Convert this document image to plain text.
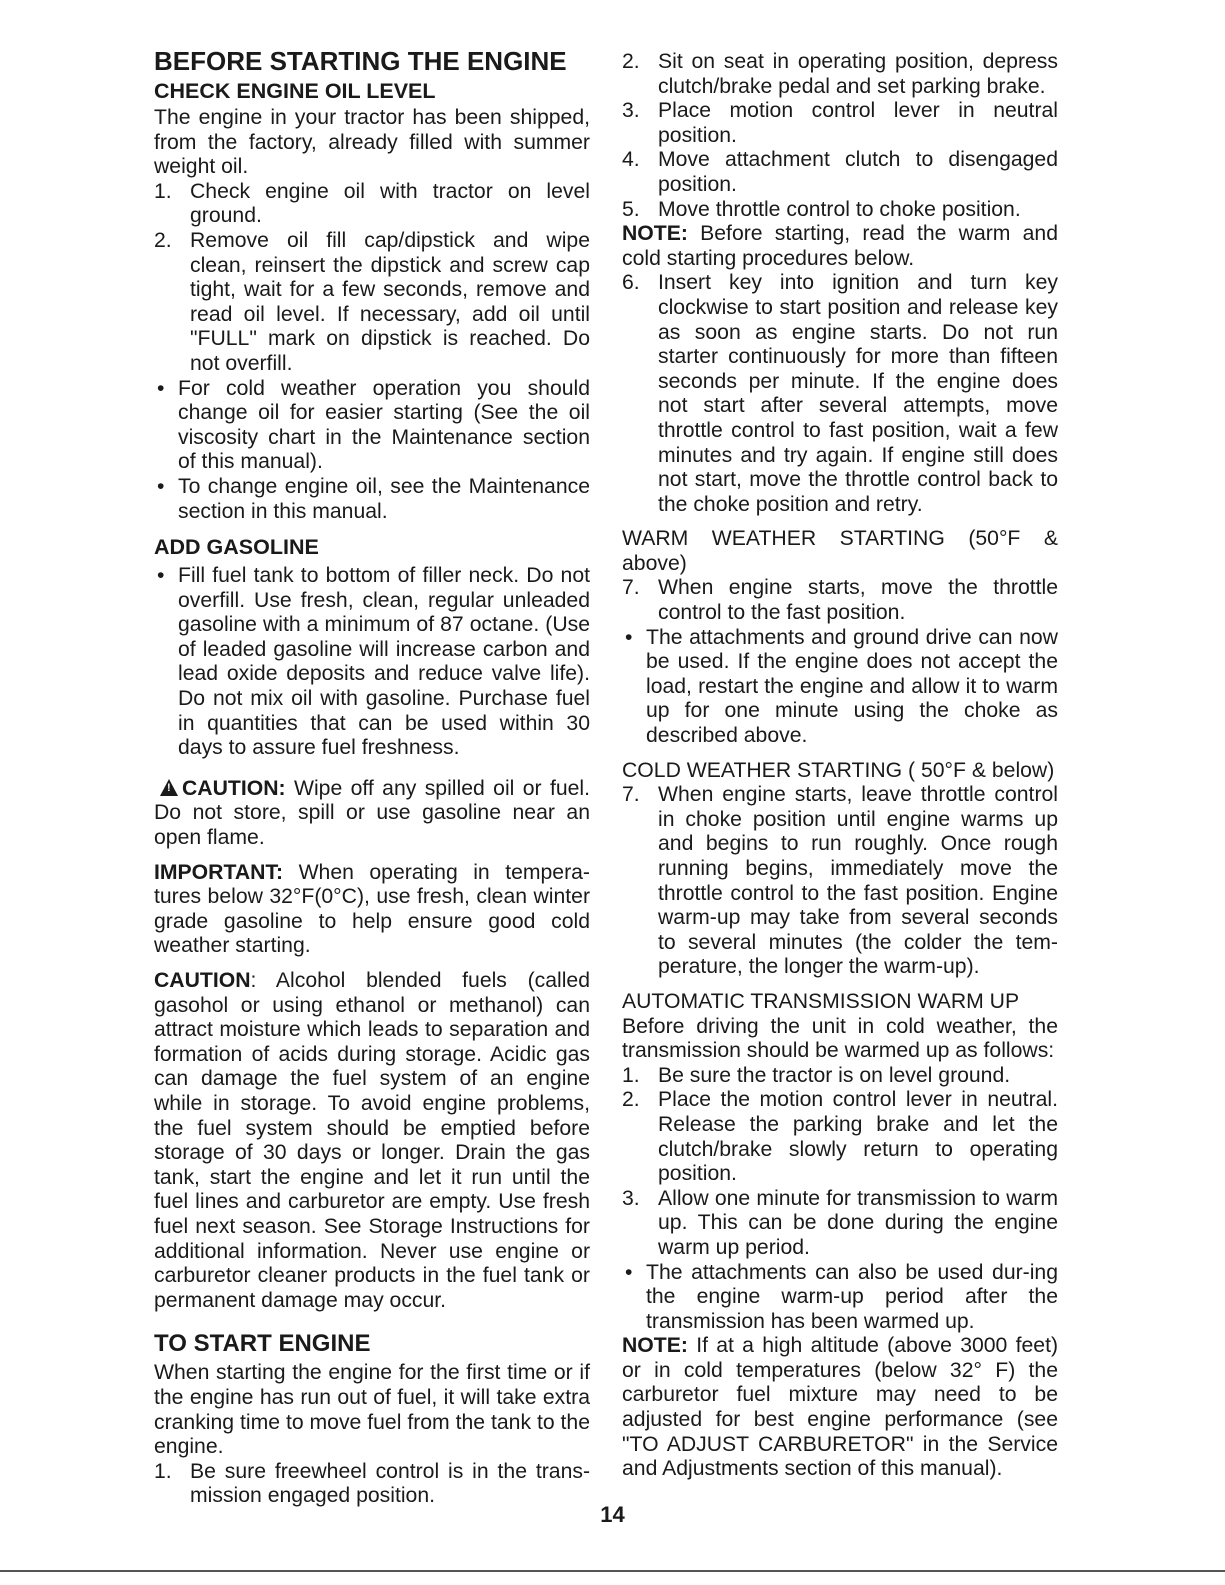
BEFORE STARTING THE ENGINE
CHECK ENGINE OIL LEVEL

The engine in your tractor has been shipped, from the factory, already filled with summer weight oil.

1. Check engine oil with tractor on level ground.
2. Remove oil fill cap/dipstick and wipe clean, reinsert the dipstick and screw cap tight, wait for a few seconds, remove and read oil level. If necessary, add oil until "FULL" mark on dipstick is reached. Do not overfill.
• For cold weather operation you should change oil for easier starting (See the oil viscosity chart in the Maintenance section of this manual).
• To change engine oil, see the Maintenance section in this manual.
ADD GASOLINE
• Fill fuel tank to bottom of filler neck. Do not overfill. Use fresh, clean, regular unleaded gasoline with a minimum of 87 octane. (Use of leaded gasoline will increase carbon and lead oxide deposits and reduce valve life). Do not mix oil with gasoline. Purchase fuel in quantities that can be used within 30 days to assure fuel freshness.

!CAUTION: Wipe off any spilled oil or fuel. Do not store, spill or use gasoline near an open flame.

IMPORTANT: When operating in tempera-tures below 32°F(0°C), use fresh, clean winter grade gasoline to help ensure good cold weather starting.

CAUTION: Alcohol blended fuels (called gasohol or using ethanol or methanol) can attract moisture which leads to separation and formation of acids during storage. Acidic gas can damage the fuel system of an engine while in storage. To avoid engine problems, the fuel system should be emptied before storage of 30 days or longer. Drain the gas tank, start the engine and let it run until the fuel lines and carburetor are empty. Use fresh fuel next season. See Storage Instructions for additional information. Never use engine or carburetor cleaner products in the fuel tank or permanent damage may occur.

TO START ENGINE

When starting the engine for the first time or if the engine has run out of fuel, it will take extra cranking time to move fuel from the tank to the engine.

1. Be sure freewheel control is in the trans-mission engaged position.
2. Sit on seat in operating position, depress clutch/brake pedal and set parking brake.
3. Place motion control lever in neutral position.
4. Move attachment clutch to disengaged position.
5. Move throttle control to choke position.

NOTE: Before starting, read the warm and cold starting procedures below.

6. Insert key into ignition and turn key clockwise to start position and release key as soon as engine starts. Do not run starter continuously for more than fifteen seconds per minute. If the engine does not start after several attempts, move throttle control to fast position, wait a few minutes and try again. If engine still does not start, move the throttle control back to the choke position and retry.

WARM WEATHER STARTING (50°F & above)

7. When engine starts, move the throttle control to the fast position.
• The attachments and ground drive can now be used. If the engine does not accept the load, restart the engine and allow it to warm up for one minute using the choke as described above.

COLD WEATHER STARTING ( 50°F & below)

7. When engine starts, leave throttle control in choke position until engine warms up and begins to run roughly. Once rough running begins, immediately move the throttle control to the fast position. Engine warm-up may take from several seconds to several minutes (the colder the tem-perature, the longer the warm-up).

AUTOMATIC TRANSMISSION WARM UP

Before driving the unit in cold weather, the transmission should be warmed up as follows:

1. Be sure the tractor is on level ground.
2. Place the motion control lever in neutral. Release the parking brake and let the clutch/brake slowly return to operating position.
3. Allow one minute for transmission to warm up. This can be done during the engine warm up period.
• The attachments can also be used dur-ing the engine warm-up period after the transmission has been warmed up.

NOTE: If at a high altitude (above 3000 feet) or in cold temperatures (below 32° F) the carburetor fuel mixture may need to be adjusted for best engine performance (see "TO ADJUST CARBURETOR" in the Service and Adjustments section of this manual).

14
